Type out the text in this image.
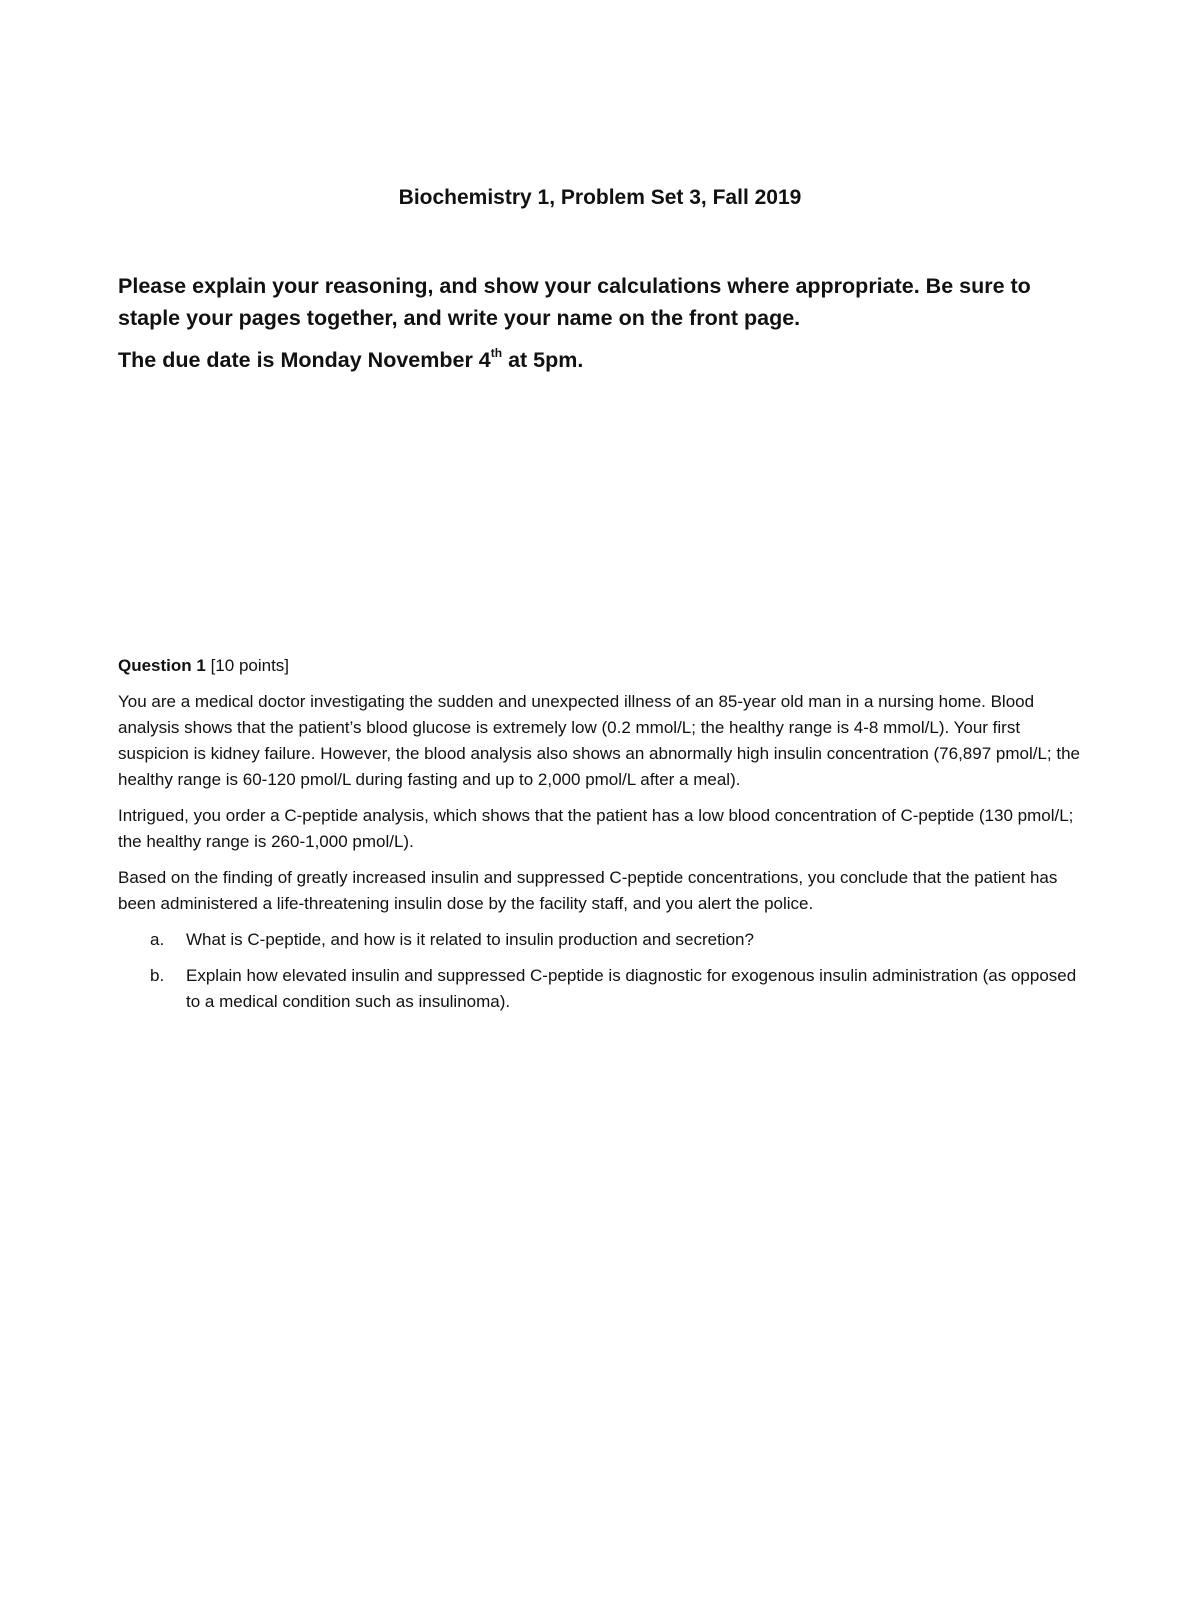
Biochemistry 1, Problem Set 3, Fall 2019

Please explain your reasoning, and show your calculations where appropriate. Be sure to staple your pages together, and write your name on the front page.

The due date is Monday November 4th at 5pm.

Question 1 [10 points]

You are a medical doctor investigating the sudden and unexpected illness of an 85-year old man in a nursing home. Blood analysis shows that the patient’s blood glucose is extremely low (0.2 mmol/L; the healthy range is 4-8 mmol/L). Your first suspicion is kidney failure. However, the blood analysis also shows an abnormally high insulin concentration (76,897 pmol/L; the healthy range is 60-120 pmol/L during fasting and up to 2,000 pmol/L after a meal).

Intrigued, you order a C-peptide analysis, which shows that the patient has a low blood concentration of C-peptide (130 pmol/L; the healthy range is 260-1,000 pmol/L).

Based on the finding of greatly increased insulin and suppressed C-peptide concentrations, you conclude that the patient has been administered a life-threatening insulin dose by the facility staff, and you alert the police.

a. What is C-peptide, and how is it related to insulin production and secretion?
b. Explain how elevated insulin and suppressed C-peptide is diagnostic for exogenous insulin administration (as opposed to a medical condition such as insulinoma).
